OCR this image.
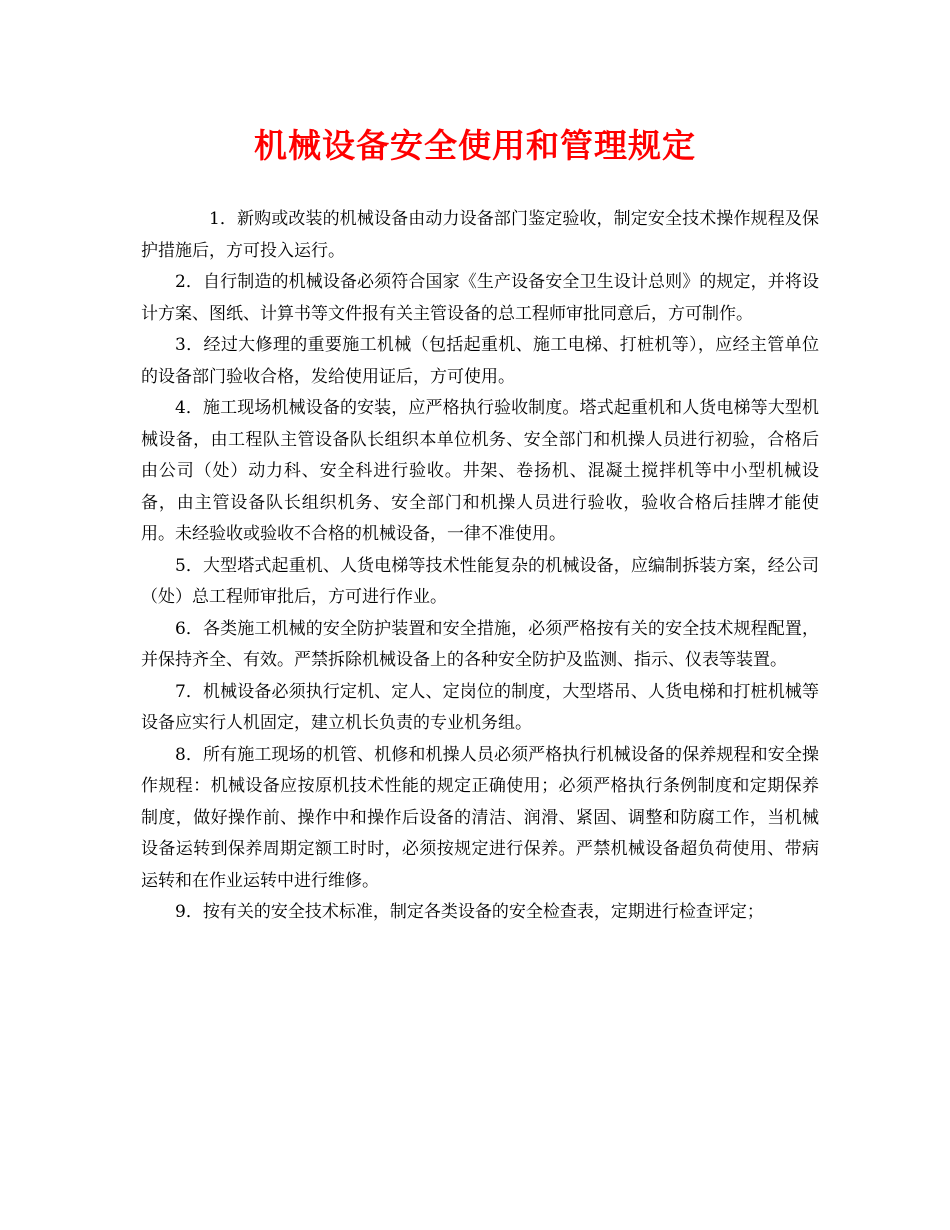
机械设备安全使用和管理规定

1．新购或改装的机械设备由动力设备部门鉴定验收，制定安全技术操作规程及保护措施后，方可投入运行。

2．自行制造的机械设备必须符合国家《生产设备安全卫生设计总则》的规定，并将设计方案、图纸、计算书等文件报有关主管设备的总工程师审批同意后，方可制作。

3．经过大修理的重要施工机械（包括起重机、施工电梯、打桩机等），应经主管单位的设备部门验收合格，发给使用证后，方可使用。

4．施工现场机械设备的安装，应严格执行验收制度。塔式起重机和人货电梯等大型机械设备，由工程队主管设备队长组织本单位机务、安全部门和机操人员进行初验，合格后由公司（处）动力科、安全科进行验收。井架、卷扬机、混凝土搅拌机等中小型机械设备，由主管设备队长组织机务、安全部门和机操人员进行验收，验收合格后挂牌才能使用。未经验收或验收不合格的机械设备，一律不准使用。

5．大型塔式起重机、人货电梯等技术性能复杂的机械设备，应编制拆装方案，经公司（处）总工程师审批后，方可进行作业。

6．各类施工机械的安全防护装置和安全措施，必须严格按有关的安全技术规程配置，并保持齐全、有效。严禁拆除机械设备上的各种安全防护及监测、指示、仪表等装置。

7．机械设备必须执行定机、定人、定岗位的制度，大型塔吊、人货电梯和打桩机械等设备应实行人机固定，建立机长负责的专业机务组。

8．所有施工现场的机管、机修和机操人员必须严格执行机械设备的保养规程和安全操作规程：机械设备应按原机技术性能的规定正确使用；必须严格执行条例制度和定期保养制度，做好操作前、操作中和操作后设备的清洁、润滑、紧固、调整和防腐工作，当机械设备运转到保养周期定额工时时，必须按规定进行保养。严禁机械设备超负荷使用、带病运转和在作业运转中进行维修。

9．按有关的安全技术标准，制定各类设备的安全检查表，定期进行检查评定；
